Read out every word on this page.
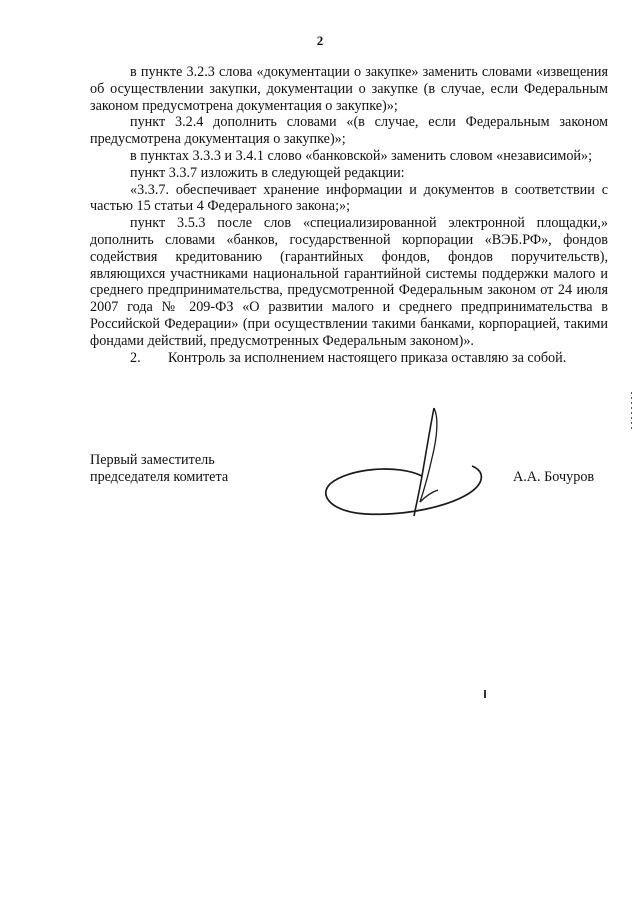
2

в пункте 3.2.3 слова «документации о закупке» заменить словами «извещения об осуществлении закупки, документации о закупке (в случае, если Федеральным законом предусмотрена документация о закупке)»;

пункт 3.2.4 дополнить словами «(в случае, если Федеральным законом предусмотрена документация о закупке)»;

в пунктах 3.3.3 и 3.4.1 слово «банковской» заменить словом «независимой»;

пункт 3.3.7 изложить в следующей редакции:

«3.3.7. обеспечивает хранение информации и документов в соответствии с частью 15 статьи 4 Федерального закона;»;

пункт 3.5.3 после слов «специализированной электронной площадки,» дополнить словами «банков, государственной корпорации «ВЭБ.РФ», фондов содействия кредитованию (гарантийных фондов, фондов поручительств), являющихся участниками национальной гарантийной системы поддержки малого и среднего предпринимательства, предусмотренной Федеральным законом от 24 июля 2007 года № 209-ФЗ «О развитии малого и среднего предпринимательства в Российской Федерации» (при осуществлении такими банками, корпорацией, такими фондами действий, предусмотренных Федеральным законом)».

2. Контроль за исполнением настоящего приказа оставляю за собой.

Первый заместитель
председателя комитета	А.А. Бочуров
